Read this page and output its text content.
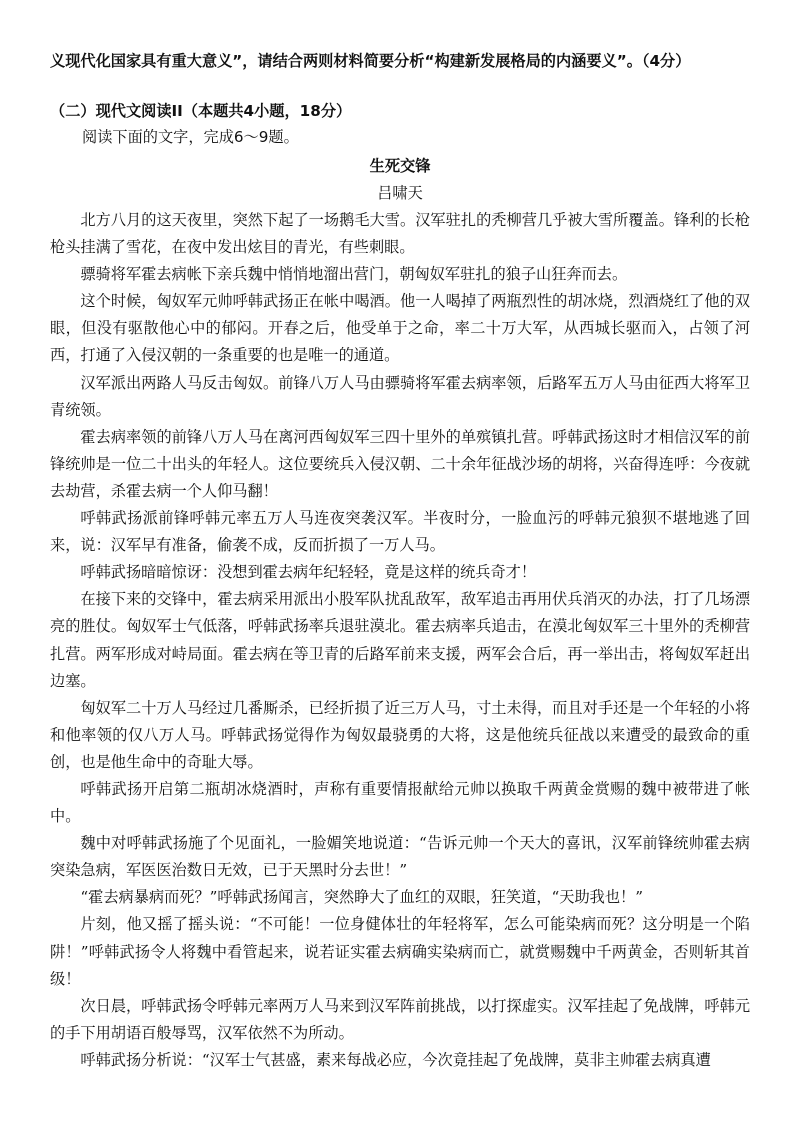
义现代化国家具有重大意义”，请结合两则材料简要分析“构建新发展格局的内涵要义”。（4分）
（二）现代文阅读II（本题共4小题，18分）
阅读下面的文字，完成6～9题。
生死交锋
吕啸天

北方八月的这天夜里，突然下起了一场鹅毛大雪。汉军驻扎的秃柳营几乎被大雪所覆盖。锋利的长枪枪头挂满了雪花，在夜中发出炫目的青光，有些刺眼。

骠骑将军霍去病帐下亲兵魏中悄悄地溜出营门，朝匈奴军驻扎的狼子山狂奔而去。

这个时候，匈奴军元帅呼韩武扬正在帐中喝酒。他一人喝掉了两瓶烈性的胡冰烧，烈酒烧红了他的双眼，但没有驱散他心中的郁闷。开春之后，他受单于之命，率二十万大军，从西城长驱而入，占领了河西，打通了入侵汉朝的一条重要的也是唯一的通道。

汉军派出两路人马反击匈奴。前锋八万人马由骠骑将军霍去病率领，后路军五万人马由征西大将军卫青统领。

霍去病率领的前锋八万人马在离河西匈奴军三四十里外的单殡镇扎营。呼韩武扬这时才相信汉军的前锋统帅是一位二十出头的年轻人。这位要统兵入侵汉朝、二十余年征战沙场的胡将，兴奋得连呼：今夜就去劫营，杀霍去病一个人仰马翻！

呼韩武扬派前锋呼韩元率五万人马连夜突袭汉军。半夜时分，一脸血污的呼韩元狼狈不堪地逃了回来，说：汉军早有准备，偷袭不成，反而折损了一万人马。

呼韩武扬暗暗惊讶：没想到霍去病年纪轻轻，竟是这样的统兵奇才！

在接下来的交锋中，霍去病采用派出小股军队扰乱敌军，敌军追击再用伏兵消灭的办法，打了几场漂亮的胜仗。匈奴军士气低落，呼韩武扬率兵退驻漠北。霍去病率兵追击，在漠北匈奴军三十里外的秃柳营扎营。两军形成对峙局面。霍去病在等卫青的后路军前来支援，两军会合后，再一举出击，将匈奴军赶出边塞。

匈奴军二十万人马经过几番厮杀，已经折损了近三万人马，寸土未得，而且对手还是一个年轻的小将和他率领的仅八万人马。呼韩武扬觉得作为匈奴最骁勇的大将，这是他统兵征战以来遭受的最致命的重创，也是他生命中的奇耻大辱。

呼韩武扬开启第二瓶胡冰烧酒时，声称有重要情报献给元帅以换取千两黄金赏赐的魏中被带进了帐中。

魏中对呼韩武扬施了个见面礼，一脸媚笑地说道：“告诉元帅一个天大的喜讯，汉军前锋统帅霍去病突染急病，军医医治数日无效，已于天黑时分去世！”

“霍去病暴病而死？”呼韩武扬闻言，突然睁大了血红的双眼，狂笑道，“天助我也！”

片刻，他又摇了摇头说：“不可能！一位身健体壮的年轻将军，怎么可能染病而死？这分明是一个陷阱！”呼韩武扬令人将魏中看管起来，说若证实霍去病确实染病而亡，就赏赐魏中千两黄金，否则斩其首级！

次日晨，呼韩武扬令呼韩元率两万人马来到汉军阵前挑战，以打探虚实。汉军挂起了免战牌，呼韩元的手下用胡语百般辱骂，汉军依然不为所动。

呼韩武扬分析说：“汉军士气甚盛，素来每战必应，今次竟挂起了免战牌，莫非主帅霍去病真遭
